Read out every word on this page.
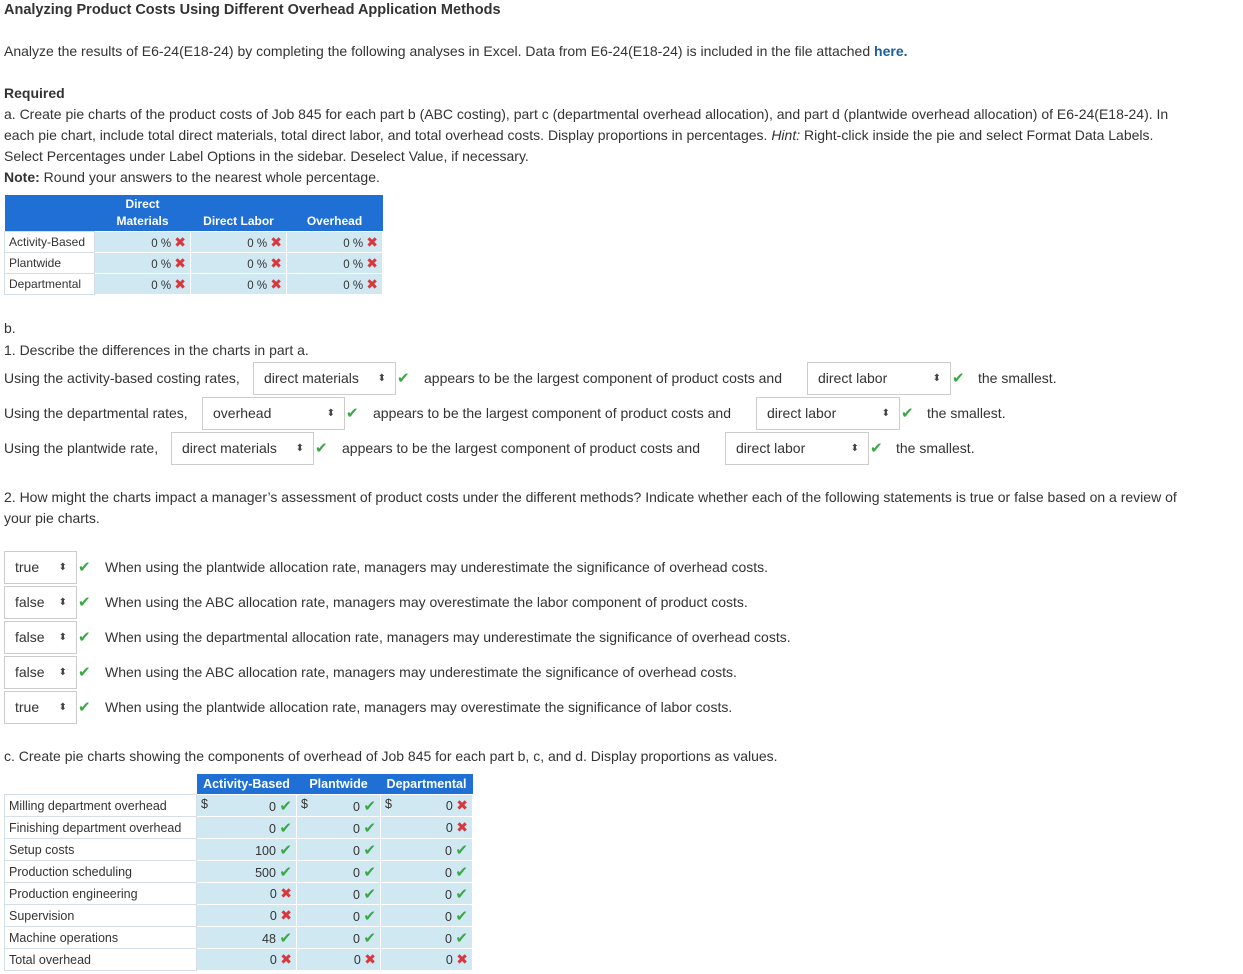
Analyzing Product Costs Using Different Overhead Application Methods
Analyze the results of E6-24(E18-24) by completing the following analyses in Excel. Data from E6-24(E18-24) is included in the file attached here.
Required
a. Create pie charts of the product costs of Job 845 for each part b (ABC costing), part c (departmental overhead allocation), and part d (plantwide overhead allocation) of E6-24(E18-24). In
each pie chart, include total direct materials, total direct labor, and total overhead costs. Display proportions in percentages. Hint: Right-click inside the pie and select Format Data Labels.
Select Percentages under Label Options in the sidebar. Deselect Value, if necessary.
Note: Round your answers to the nearest whole percentage.
	Direct Materials	Direct Labor	Overhead
Activity-Based	0 % ✖	0 % ✖	0 % ✖
Plantwide	0 % ✖	0 % ✖	0 % ✖
Departmental	0 % ✖	0 % ✖	0 % ✖
b.
1. Describe the differences in the charts in part a.
Using the activity-based costing rates,	direct materials ⬍ ✔ appears to be the largest component of product costs and	direct labor	⬍ ✔ the smallest.
Using the departmental rates,	overhead	⬍ ✔ appears to be the largest component of product costs and	direct labor	⬍ ✔ the smallest.
Using the plantwide rate,	direct materials ⬍ ✔ appears to be the largest component of product costs and	direct labor	⬍ ✔ the smallest.
2. How might the charts impact a manager’s assessment of product costs under the different methods? Indicate whether each of the following statements is true or false based on a review of
your pie charts.
true ⬍ ✔ When using the plantwide allocation rate, managers may underestimate the significance of overhead costs.
false ⬍ ✔ When using the ABC allocation rate, managers may overestimate the labor component of product costs.
false ⬍ ✔ When using the departmental allocation rate, managers may underestimate the significance of overhead costs.
false ⬍ ✔ When using the ABC allocation rate, managers may underestimate the significance of overhead costs.
true ⬍ ✔ When using the plantwide allocation rate, managers may overestimate the significance of labor costs.
c. Create pie charts showing the components of overhead of Job 845 for each part b, c, and d. Display proportions as values.
	Activity-Based	Plantwide	Departmental
Milling department overhead	$ 0 ✔	$ 0 ✔	$ 0 ✖

Finishing department overhead	0 ✔	0 ✔	0 ✖

Setup costs	100 ✔	0 ✔	0 ✔

Production scheduling	500 ✔	0 ✔	0 ✔

Production engineering	0 ✖	0 ✔	0 ✔

Supervision	0 ✖	0 ✔	0 ✔

Machine operations	48 ✔	0 ✔	0 ✔

Total overhead	0 ✖	0 ✖	0 ✖
